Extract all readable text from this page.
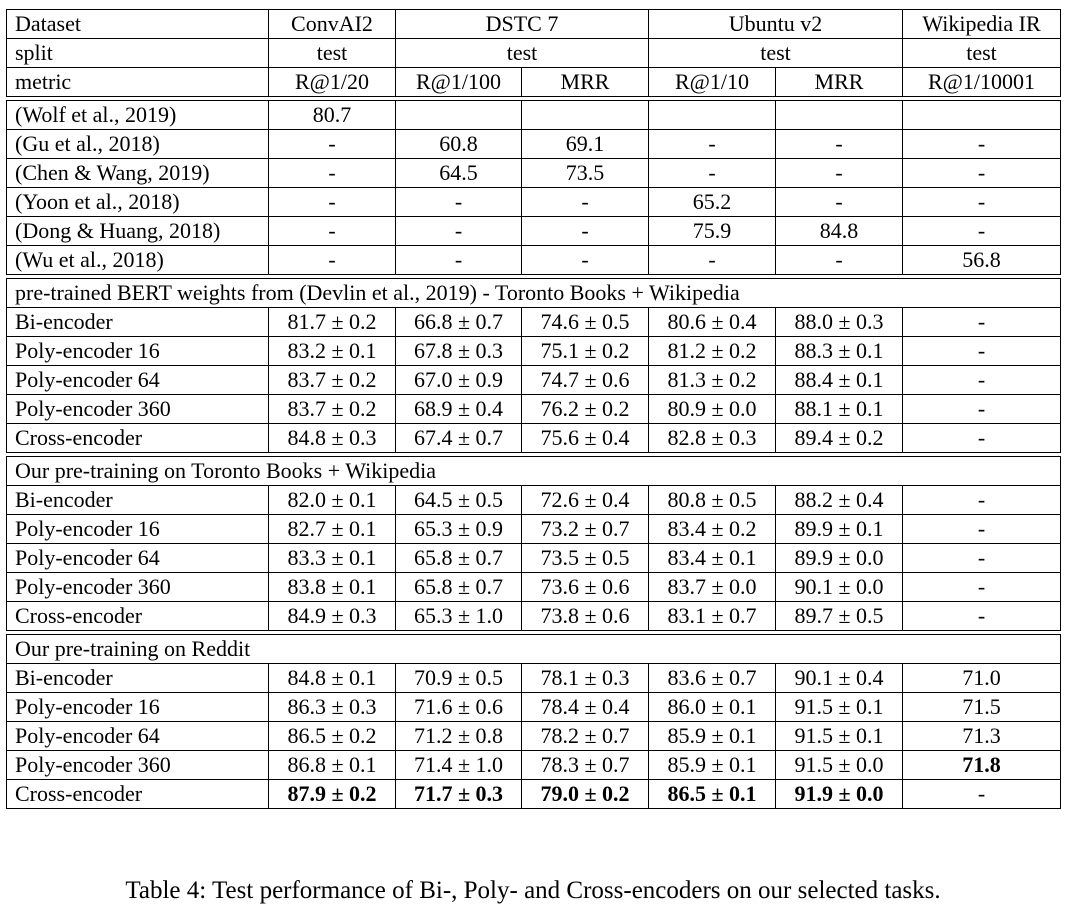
Dataset	ConvAI2	DSTC 7		Ubuntu v2		Wikipedia IR
split	test	test		test		test
metric	R@1/20	R@1/100	MRR	R@1/10	MRR	R@1/10001

(Wolf et al., 2019)	80.7					
(Gu et al., 2018)	-	60.8	69.1	-	-	-
(Chen & Wang, 2019)	-	64.5	73.5	-	-	-
(Yoon et al., 2018)	-	-	-	65.2	-	-
(Dong & Huang, 2018)	-	-	-	75.9	84.8	-
(Wu et al., 2018)	-	-	-	-	-	56.8

pre-trained BERT weights from (Devlin et al., 2019) - Toronto Books + Wikipedia						
Bi-encoder	81.7 ± 0.2	66.8 ± 0.7	74.6 ± 0.5	80.6 ± 0.4	88.0 ± 0.3	-
Poly-encoder 16	83.2 ± 0.1	67.8 ± 0.3	75.1 ± 0.2	81.2 ± 0.2	88.3 ± 0.1	-
Poly-encoder 64	83.7 ± 0.2	67.0 ± 0.9	74.7 ± 0.6	81.3 ± 0.2	88.4 ± 0.1	-
Poly-encoder 360	83.7 ± 0.2	68.9 ± 0.4	76.2 ± 0.2	80.9 ± 0.0	88.1 ± 0.1	-
Cross-encoder	84.8 ± 0.3	67.4 ± 0.7	75.6 ± 0.4	82.8 ± 0.3	89.4 ± 0.2	-

Our pre-training on Toronto Books + Wikipedia						
Bi-encoder	82.0 ± 0.1	64.5 ± 0.5	72.6 ± 0.4	80.8 ± 0.5	88.2 ± 0.4	-
Poly-encoder 16	82.7 ± 0.1	65.3 ± 0.9	73.2 ± 0.7	83.4 ± 0.2	89.9 ± 0.1	-
Poly-encoder 64	83.3 ± 0.1	65.8 ± 0.7	73.5 ± 0.5	83.4 ± 0.1	89.9 ± 0.0	-
Poly-encoder 360	83.8 ± 0.1	65.8 ± 0.7	73.6 ± 0.6	83.7 ± 0.0	90.1 ± 0.0	-
Cross-encoder	84.9 ± 0.3	65.3 ± 1.0	73.8 ± 0.6	83.1 ± 0.7	89.7 ± 0.5	-

Our pre-training on Reddit						
Bi-encoder	84.8 ± 0.1	70.9 ± 0.5	78.1 ± 0.3	83.6 ± 0.7	90.1 ± 0.4	71.0
Poly-encoder 16	86.3 ± 0.3	71.6 ± 0.6	78.4 ± 0.4	86.0 ± 0.1	91.5 ± 0.1	71.5
Poly-encoder 64	86.5 ± 0.2	71.2 ± 0.8	78.2 ± 0.7	85.9 ± 0.1	91.5 ± 0.1	71.3
Poly-encoder 360	86.8 ± 0.1	71.4 ± 1.0	78.3 ± 0.7	85.9 ± 0.1	91.5 ± 0.0	71.8
Cross-encoder	87.9 ± 0.2	71.7 ± 0.3	79.0 ± 0.2	86.5 ± 0.1	91.9 ± 0.0	-
Table 4: Test performance of Bi-, Poly- and Cross-encoders on our selected tasks.
